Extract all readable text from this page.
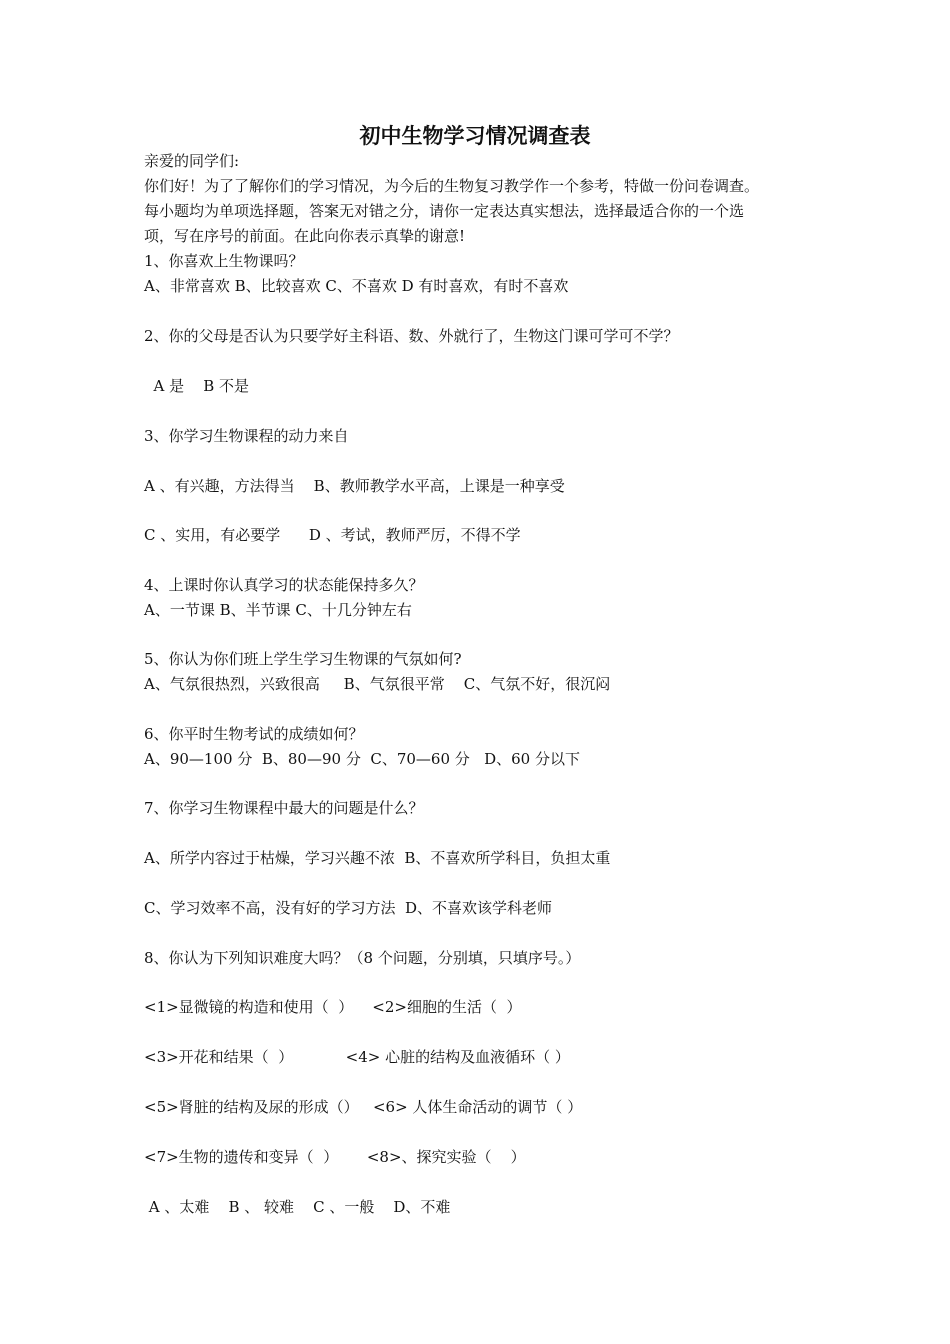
初中生物学习情况调查表

亲爱的同学们:

你们好！为了了解你们的学习情况，为今后的生物复习教学作一个参考，特做一份问卷调查。

每小题均为单项选择题，答案无对错之分，请你一定表达真实想法，选择最适合你的一个选

项，写在序号的前面。在此向你表示真挚的谢意!

1、你喜欢上生物课吗？

A、非常喜欢 B、比较喜欢 C、不喜欢 D 有时喜欢，有时不喜欢

2、你的父母是否认为只要学好主科语、数、外就行了，生物这门课可学可不学？

A 是    B 不是

3、你学习生物课程的动力来自

A 、有兴趣，方法得当    B、教师教学水平高，上课是一种享受

C 、实用，有必要学      D 、考试，教师严厉，不得不学

4、上课时你认真学习的状态能保持多久？

A、一节课 B、半节课 C、十几分钟左右

5、你认为你们班上学生学习生物课的气氛如何?

A、气氛很热烈，兴致很高     B、气氛很平常    C、气氛不好，很沉闷

6、你平时生物考试的成绩如何？

A、90—100 分  B、80—90 分  C、70—60 分   D、60 分以下

7、你学习生物课程中最大的问题是什么？

A、所学内容过于枯燥，学习兴趣不浓  B、不喜欢所学科目，负担太重

C、学习效率不高，没有好的学习方法  D、不喜欢该学科老师

8、你认为下列知识难度大吗？（8 个问题，分别填，只填序号。）

<1>显微镜的构造和使用（  ）    <2>细胞的生活（  ）

<3>开花和结果（  ）           <4> 心脏的结构及血液循环（ ）

<5>肾脏的结构及尿的形成（）   <6> 人体生命活动的调节（ ）

<7>生物的遗传和变异（  ）      <8>、探究实验（    ）

A 、太难    B 、 较难    C 、一般    D、不难
